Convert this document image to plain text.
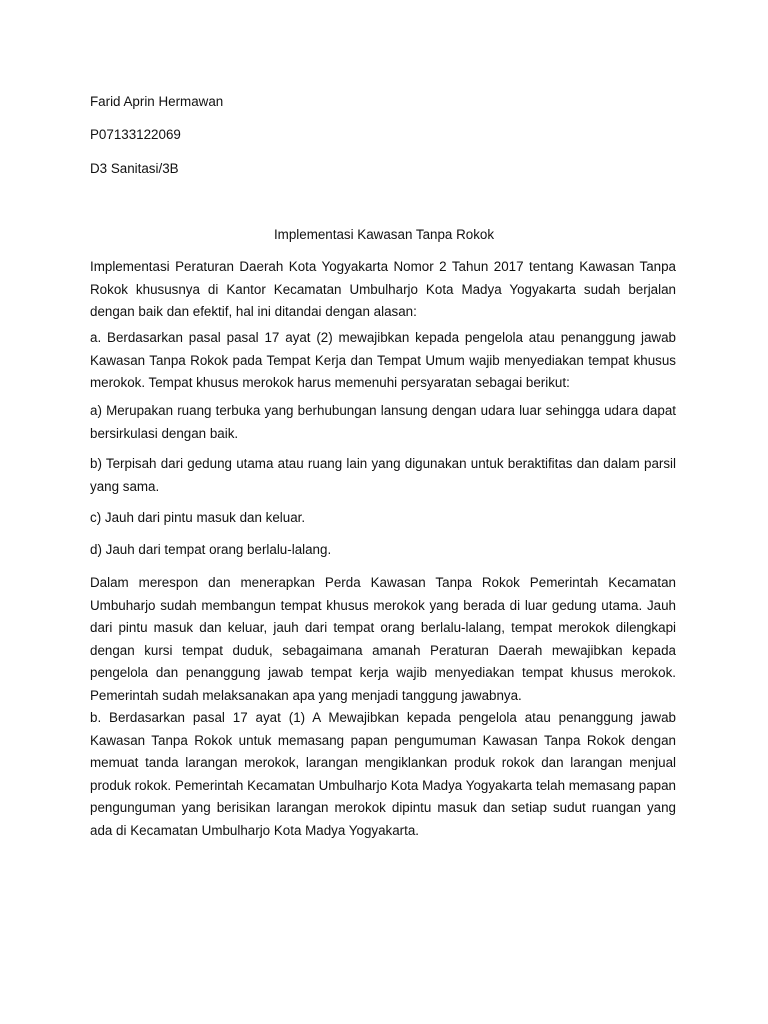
Farid Aprin Hermawan
P07133122069
D3 Sanitasi/3B
Implementasi Kawasan Tanpa Rokok
Implementasi Peraturan Daerah Kota Yogyakarta Nomor 2 Tahun 2017 tentang Kawasan Tanpa Rokok khususnya di Kantor Kecamatan Umbulharjo Kota Madya Yogyakarta sudah berjalan dengan baik dan efektif, hal ini ditandai dengan alasan:
a. Berdasarkan pasal pasal 17 ayat (2) mewajibkan kepada pengelola atau penanggung jawab Kawasan Tanpa Rokok pada Tempat Kerja dan Tempat Umum wajib menyediakan tempat khusus merokok. Tempat khusus merokok harus memenuhi persyaratan sebagai berikut:
a) Merupakan ruang terbuka yang berhubungan lansung dengan udara luar sehingga udara dapat bersirkulasi dengan baik.
b) Terpisah dari gedung utama atau ruang lain yang digunakan untuk beraktifitas dan dalam parsil yang sama.
c) Jauh dari pintu masuk dan keluar.
d) Jauh dari tempat orang berlalu-lalang.
Dalam merespon dan menerapkan Perda Kawasan Tanpa Rokok Pemerintah Kecamatan Umbuharjo sudah membangun tempat khusus merokok yang berada di luar gedung utama. Jauh dari pintu masuk dan keluar, jauh dari tempat orang berlalu-lalang, tempat merokok dilengkapi dengan kursi tempat duduk, sebagaimana amanah Peraturan Daerah mewajibkan kepada pengelola dan penanggung jawab tempat kerja wajib menyediakan tempat khusus merokok. Pemerintah sudah melaksanakan apa yang menjadi tanggung jawabnya.
b. Berdasarkan pasal 17 ayat (1) A Mewajibkan kepada pengelola atau penanggung jawab Kawasan Tanpa Rokok untuk memasang papan pengumuman Kawasan Tanpa Rokok dengan memuat tanda larangan merokok, larangan mengiklankan produk rokok dan larangan menjual produk rokok. Pemerintah Kecamatan Umbulharjo Kota Madya Yogyakarta telah memasang papan pengunguman yang berisikan larangan merokok dipintu masuk dan setiap sudut ruangan yang ada di Kecamatan Umbulharjo Kota Madya Yogyakarta.
